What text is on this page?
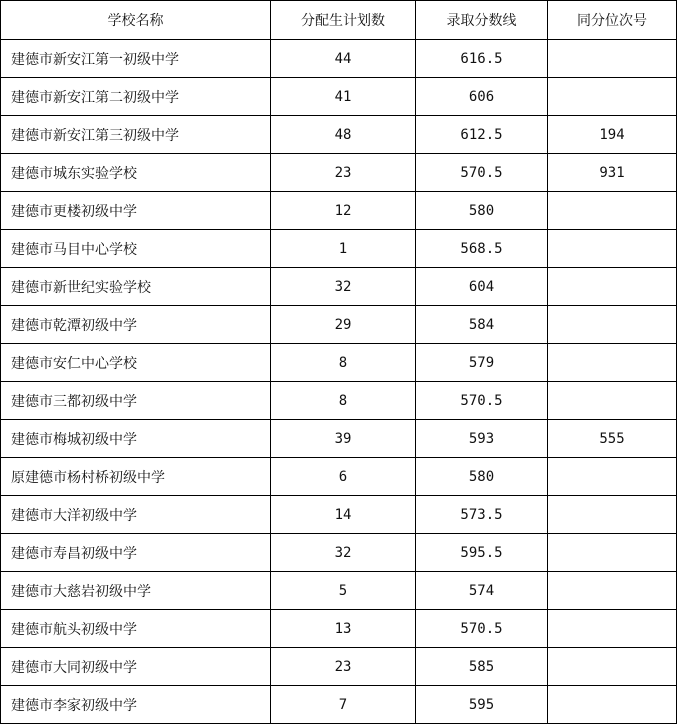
学校名称	分配生计划数	录取分数线	同分位次号
建德市新安江第一初级中学	44	616.5	
建德市新安江第二初级中学	41	606	
建德市新安江第三初级中学	48	612.5	194
建德市城东实验学校	23	570.5	931
建德市更楼初级中学	12	580	
建德市马目中心学校	1	568.5	
建德市新世纪实验学校	32	604	
建德市乾潭初级中学	29	584	
建德市安仁中心学校	8	579	
建德市三都初级中学	8	570.5	
建德市梅城初级中学	39	593	555
原建德市杨村桥初级中学	6	580	
建德市大洋初级中学	14	573.5	
建德市寿昌初级中学	32	595.5	
建德市大慈岩初级中学	5	574	
建德市航头初级中学	13	570.5	
建德市大同初级中学	23	585	
建德市李家初级中学	7	595	
